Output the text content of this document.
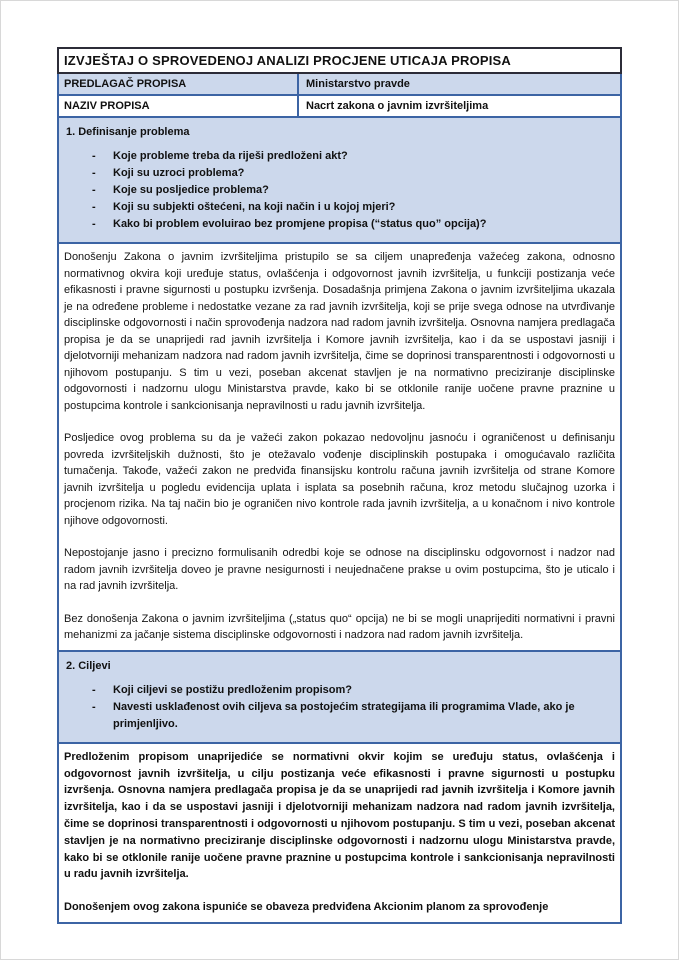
IZVJEŠTAJ O SPROVEDENOJ ANALIZI PROCJENE UTICAJA PROPISA
PREDLAGAČ PROPISA	Ministarstvo pravde
NAZIV PROPISA	Nacrt zakona o javnim izvršiteljima
1. Definisanje problema
-	Koje probleme treba da riješi predloženi akt?
-	Koji su uzroci problema?
-	Koje su posljedice problema?
-	Koji su subjekti oštećeni, na koji način i u kojoj mjeri?
-	Kako bi problem evoluirao bez promjene propisa (“status quo” opcija)?

Donošenju Zakona o javnim izvršiteljima pristupilo se sa ciljem unapređenja važećeg zakona, odnosno normativnog okvira koji uređuje status, ovlašćenja i odgovornost javnih izvršitelja, u funkciji postizanja veće efikasnosti i pravne sigurnosti u postupku izvršenja. Dosadašnja primjena Zakona o javnim izvršiteljima ukazala je na određene probleme i nedostatke vezane za rad javnih izvršitelja, koji se prije svega odnose na utvrđivanje disciplinske odgovornosti i način sprovođenja nadzora nad radom javnih izvršitelja. Osnovna namjera predlagača propisa je da se unaprijedi rad javnih izvršitelja i Komore javnih izvršitelja, kao i da se uspostavi jasniji i djelotvorniji mehanizam nadzora nad radom javnih izvršitelja, čime se doprinosi transparentnosti i odgovornosti u njihovom postupanju. S tim u vezi, poseban akcenat stavljen je na normativno preciziranje disciplinske odgovornosti i nadzornu ulogu Ministarstva pravde, kako bi se otklonile ranije uočene pravne praznine u postupcima kontrole i sankcionisanja nepravilnosti u radu javnih izvršitelja.

Posljedice ovog problema su da je važeći zakon pokazao nedovoljnu jasnoću i ograničenost u definisanju povreda izvršiteljskih dužnosti, što je otežavalo vođenje disciplinskih postupaka i omogućavalo različita tumačenja. Takođe, važeći zakon ne predviđa finansijsku kontrolu računa javnih izvršitelja od strane Komore javnih izvršitelja u pogledu evidencija uplata i isplata sa posebnih računa, kroz metodu slučajnog uzorka i procjenom rizika. Na taj način bio je ograničen nivo kontrole rada javnih izvršitelja, a u konačnom i nivo kontrole njihove odgovornosti.

Nepostojanje jasno i precizno formulisanih odredbi koje se odnose na disciplinsku odgovornost i nadzor nad radom javnih izvršitelja doveo je pravne nesigurnosti i neujednačene prakse u ovim postupcima, što je uticalo i na rad javnih izvršitelja.

Bez donošenja Zakona o javnim izvršiteljima („status quo“ opcija) ne bi se mogli unaprijediti normativni i pravni mehanizmi za jačanje sistema disciplinske odgovornosti i nadzora nad radom javnih izvršitelja.

2. Ciljevi
-	Koji ciljevi se postižu predloženim propisom?
-	Navesti usklađenost ovih ciljeva sa postojećim strategijama ili programima Vlade, ako je primjenljivo.

Predloženim propisom unaprijediće se normativni okvir kojim se uređuju status, ovlašćenja i odgovornost javnih izvršitelja, u cilju postizanja veće efikasnosti i pravne sigurnosti u postupku izvršenja. Osnovna namjera predlagača propisa je da se unaprijedi rad javnih izvršitelja i Komore javnih izvršitelja, kao i da se uspostavi jasniji i djelotvorniji mehanizam nadzora nad radom javnih izvršitelja, čime se doprinosi transparentnosti i odgovornosti u njihovom postupanju. S tim u vezi, poseban akcenat stavljen je na normativno preciziranje disciplinske odgovornosti i nadzornu ulogu Ministarstva pravde, kako bi se otklonile ranije uočene pravne praznine u postupcima kontrole i sankcionisanja nepravilnosti u radu javnih izvršitelja.

Donošenjem ovog zakona ispuniće se obaveza predviđena Akcionim planom za sprovođenje
